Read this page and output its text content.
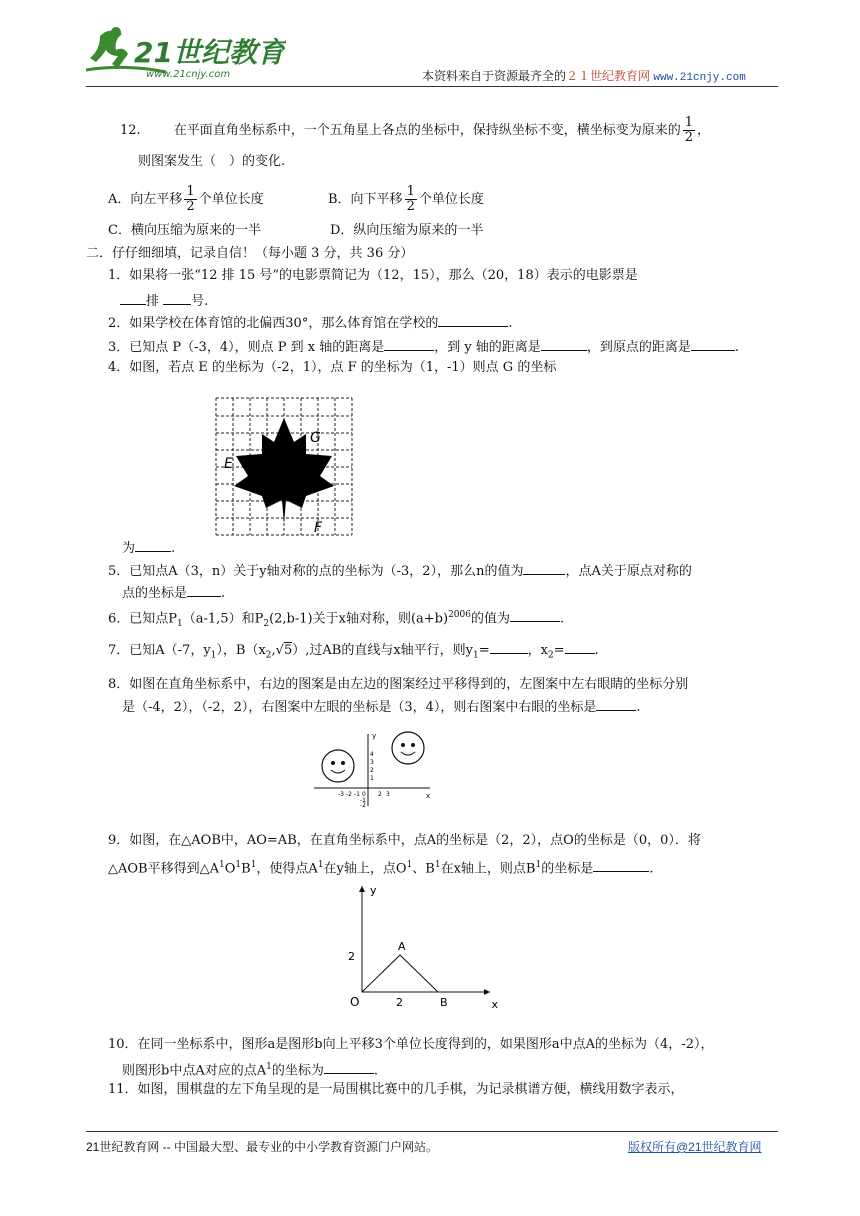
21世纪教育
www.21cnjy.com	本资料来自于资源最齐全的２１世纪教育网 www.21cnjy.com
12.	在平面直角坐标系中，一个五角星上各点的坐标中，保持纵坐标不变，横坐标变为原来的 $\frac{1}{2}$ ，
则图案发生（　）的变化.
A．向左平移 $\frac{1}{2}$ 个单位长度	B．向下平移 $\frac{1}{2}$ 个单位长度
C．横向压缩为原来的一半	D．纵向压缩为原来的一半
二．仔仔细细填，记录自信！（每小题 3 分，共 36 分）
1．如果将一张“12 排 15 号”的电影票简记为（12，15），那么（20，18）表示的电影票是
排 号.
2．如果学校在体育馆的北偏西30°，那么体育馆在学校的	.
3．已知点 P（-3，4），则点 P 到 x 轴的距离是	，到 y 轴的距离是	，到原点的距离是	.
4．如图，若点 E 的坐标为（-2，1），点 F 的坐标为（1，-1）则点 G 的坐标
G
E
F
为	.
5．已知点A（3，n）关于y轴对称的点的坐标为（-3，2），那么n的值为	，点A关于原点对称的
点的坐标是	.
6．已知点$P_1(a-1,5)$和$P_2(2,b-1)$关于x轴对称，则$(a+b)^{2006}$的值为	.
7．已知A（-7，$y_1$），$B(x_2,√5)$,过AB的直线与x轴平行，则$y_1=$	，$x_2=$ .
8．如图在直角坐标系中，右边的图案是由左边的图案经过平移得到的，左图案中左右眼睛的坐标分别
是（-4，2），（-2，2），右图案中左眼的坐标是（3，4），则右图案中右眼的坐标是	.
x
y
-3 -2 -1 0 2 3
4
3
2
1
-1
-2
9．如图，在△AOB中，AO=AB，在直角坐标系中，点A的坐标是（2，2），点O的坐标是（0，0）．将
△AOB平移得到$\triangle A^1O^1B^1$，使得点$A^1$在y轴上，点$O^1$、$B^1$在x轴上，则点$B^1$的坐标是	.
y
x
A
O	B
2
2
10．在同一坐标系中，图形a是图形b向上平移3个单位长度得到的，如果图形a中点A的坐标为（4，-2），
则图形b中点A对应的点$A^1$的坐标为	.
11．如图，围棋盘的左下角呈现的是一局围棋比赛中的几手棋，为记录棋谱方便，横线用数字表示，
21世纪教育网 -- 中国最大型、最专业的中小学教育资源门户网站。	版权所有@21世纪教育网
